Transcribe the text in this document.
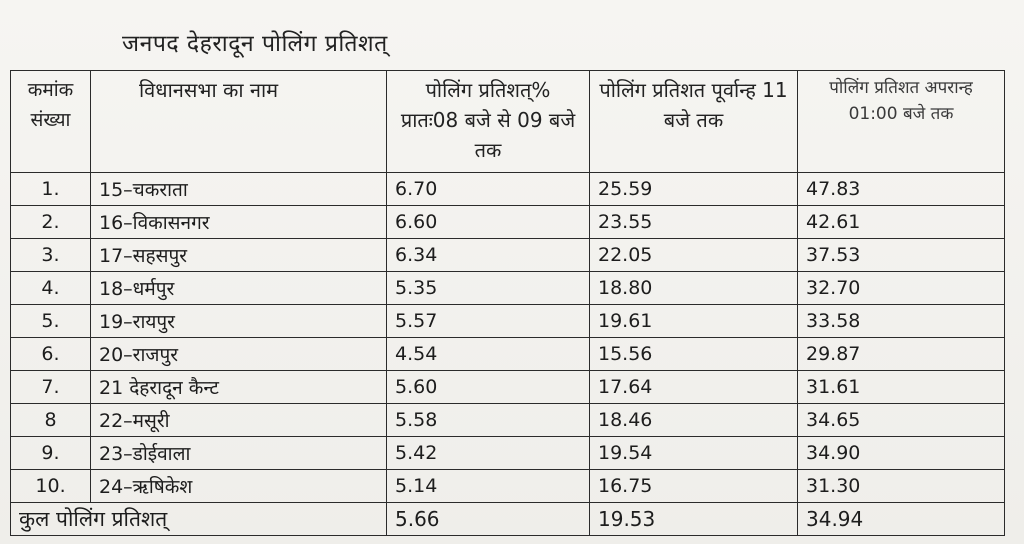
जनपद देहरादून पोलिंग प्रतिशत्
कमांक संख्या	विधानसभा का नाम	पोलिंग प्रतिशत्% प्रातः08 बजे से 09 बजे तक	पोलिंग प्रतिशत पूर्वान्ह 11 बजे तक	पोलिंग प्रतिशत अपरान्ह 01:00 बजे तक
1.	15–चकराता	6.70	25.59	47.83
2.	16–विकासनगर	6.60	23.55	42.61
3.	17–सहसपुर	6.34	22.05	37.53
4.	18–धर्मपुर	5.35	18.80	32.70
5.	19–रायपुर	5.57	19.61	33.58
6.	20–राजपुर	4.54	15.56	29.87
7.	21 देहरादून कैन्ट	5.60	17.64	31.61
8	22–मसूरी	5.58	18.46	34.65
9.	23–डोईवाला	5.42	19.54	34.90
10.	24–ऋषिकेश	5.14	16.75	31.30
कुल पोलिंग प्रतिशत्		5.66	19.53	34.94
